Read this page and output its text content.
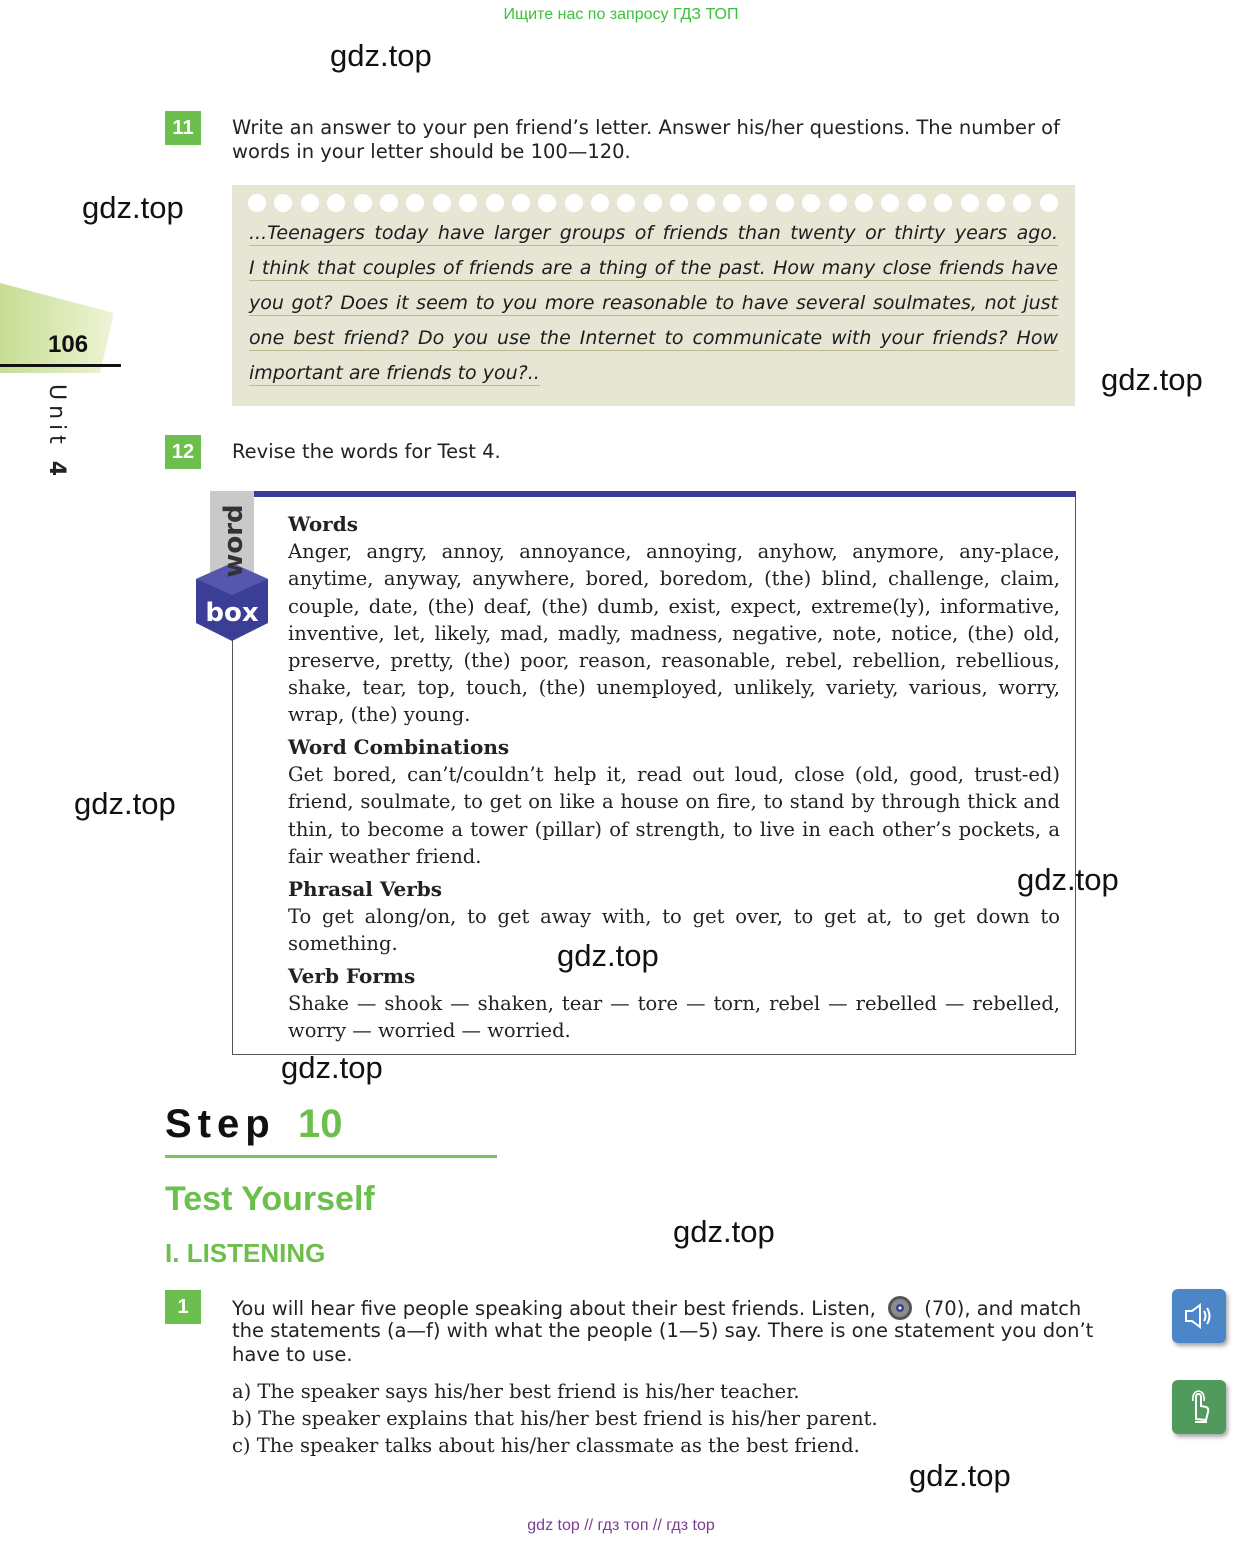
Ищите нас по запросу ГДЗ ТОП
gdz.top
gdz.top
gdz.top
gdz.top
gdz.top
gdz.top
gdz.top
gdz.top
gdz.top
106
Unit 4
11	Write an answer to your pen friend’s letter. Answer his/her questions. The number of
words in your letter should be 100—120.
...Teenagers today have larger groups of friends than twenty or thirty years ago.
I think that couples of friends are a thing of the past. How many close friends have
you got? Does it seem to you more reasonable to have several soulmates, not just
one best friend? Do you use the Internet to communicate with your friends? How
important are friends to you?..
12	Revise the words for Test 4.
word
box
Words
Anger, angry, annoy, annoyance, annoying, anyhow, anymore, any-place, anytime, anyway, anywhere, bored, boredom, (the) blind, challenge, claim, couple, date, (the) deaf, (the) dumb, exist, expect, extreme(ly), informative, inventive, let, likely, mad, madly, madness, negative, note, notice, (the) old, preserve, pretty, (the) poor, reason, reasonable, rebel, rebellion, rebellious, shake, tear, top, touch, (the) unemployed, unlikely, variety, various, worry, wrap, (the) young.
Word Combinations
Get bored, can’t/couldn’t help it, read out loud, close (old, good, trust-ed) friend, soulmate, to get on like a house on fire, to stand by through thick and thin, to become a tower (pillar) of strength, to live in each other’s pockets, a fair weather friend.
Phrasal Verbs
To get along/on, to get away with, to get over, to get at, to get down to something.
Verb Forms
Shake — shook — shaken, tear — tore — torn, rebel — rebelled — rebelled, worry — worried — worried.
Step 10
Test Yourself
I. LISTENING
1	You will hear five people speaking about their best friends. Listen, (70), and match
the statements (a—f) with what the people (1—5) say. There is one statement you don’t
have to use.
a) The speaker says his/her best friend is his/her teacher.
b) The speaker explains that his/her best friend is his/her parent.
c) The speaker talks about his/her classmate as the best friend.
gdz top // гдз топ // гдз top
